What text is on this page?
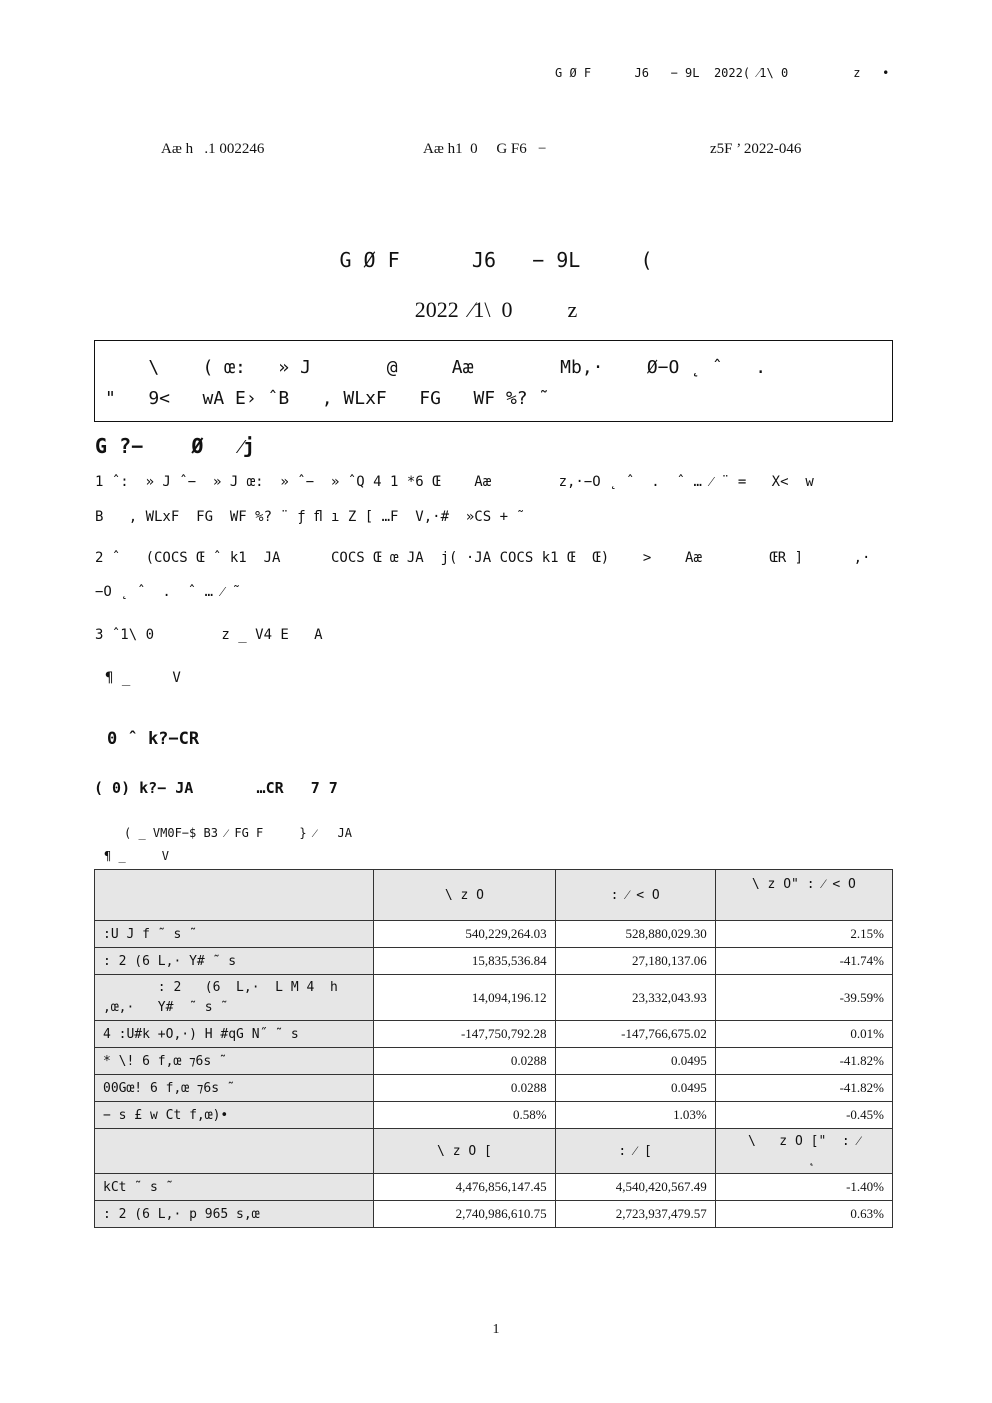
G Ø F      J6   − 9L  2022( ⁄1\ 0         z   •
Aæ h   .1 002246	Aæ h1  0     G F6   −	z5F ’ 2022-046
G Ø F      J6   − 9L     (
2022  ⁄1\  0          z
\    ( œ:   » J       @     Aæ        Mb,·    Ø−O ˛ ˆ   .
"   9<   wA E› ˆB   , WLxF   FG   WF %? ˜
G ?−    Ø   ⁄j
1 ˆ:  » J ˆ−  » J œ:  » ˆ−  » ˆQ 4 1 *6 Œ    Aæ        z,·−O ˛ ˆ  .  ˆ … ⁄ ¨ =   X<  w
B   , WLxF  FG  WF %? ¨ ƒ ﬂ ı Z [ …F  V,·#  »CS + ˜
2 ˆ   (COCS Œ ˆ k1  JA      COCS Œ œ JA  j( ·JA COCS k1 Œ  Œ)    >    Aæ        ŒR ]      ,·
−O ˛ ˆ  .  ˆ … ⁄ ˜
3 ˆ1\ 0        z _ V4 E   A
¶ _     V
0 ˆ k?−CR
( 0) k?− JA       …CR   7 7
( _ VM0F−$ B3 ⁄ FG F     } ⁄   JA
¶ _     V
	\ z O	: ⁄ < O	\ z O" : ⁄ < O
:U J f ˜ s ˜	540,229,264.03	528,880,029.30	2.15%
: 2 (6 L,· Y# ˜ s	15,835,536.84	27,180,137.06	-41.74%
: 2   (6  L,·  L M 4  h
,œ,·   Y#  ˜ s ˜	14,094,196.12	23,332,043.93	-39.59%
4 :U#k +O,·) H #qG N˝ ˜ s	-147,750,792.28	-147,766,675.02	0.01%
* \! 6 f,œ ⁊6s ˜	0.0288	0.0495	-41.82%
00Gœ! 6 f,œ ⁊6s ˜	0.0288	0.0495	-41.82%
− s £ w Ct f,œ)•	0.58%	1.03%	-0.45%
	\ z O [	: ⁄ [	\   z O ["  : ⁄
˛
kCt ˜ s ˜	4,476,856,147.45	4,540,420,567.49	-1.40%
: 2 (6 L,· p 965 s,œ	2,740,986,610.75	2,723,937,479.57	0.63%
1
